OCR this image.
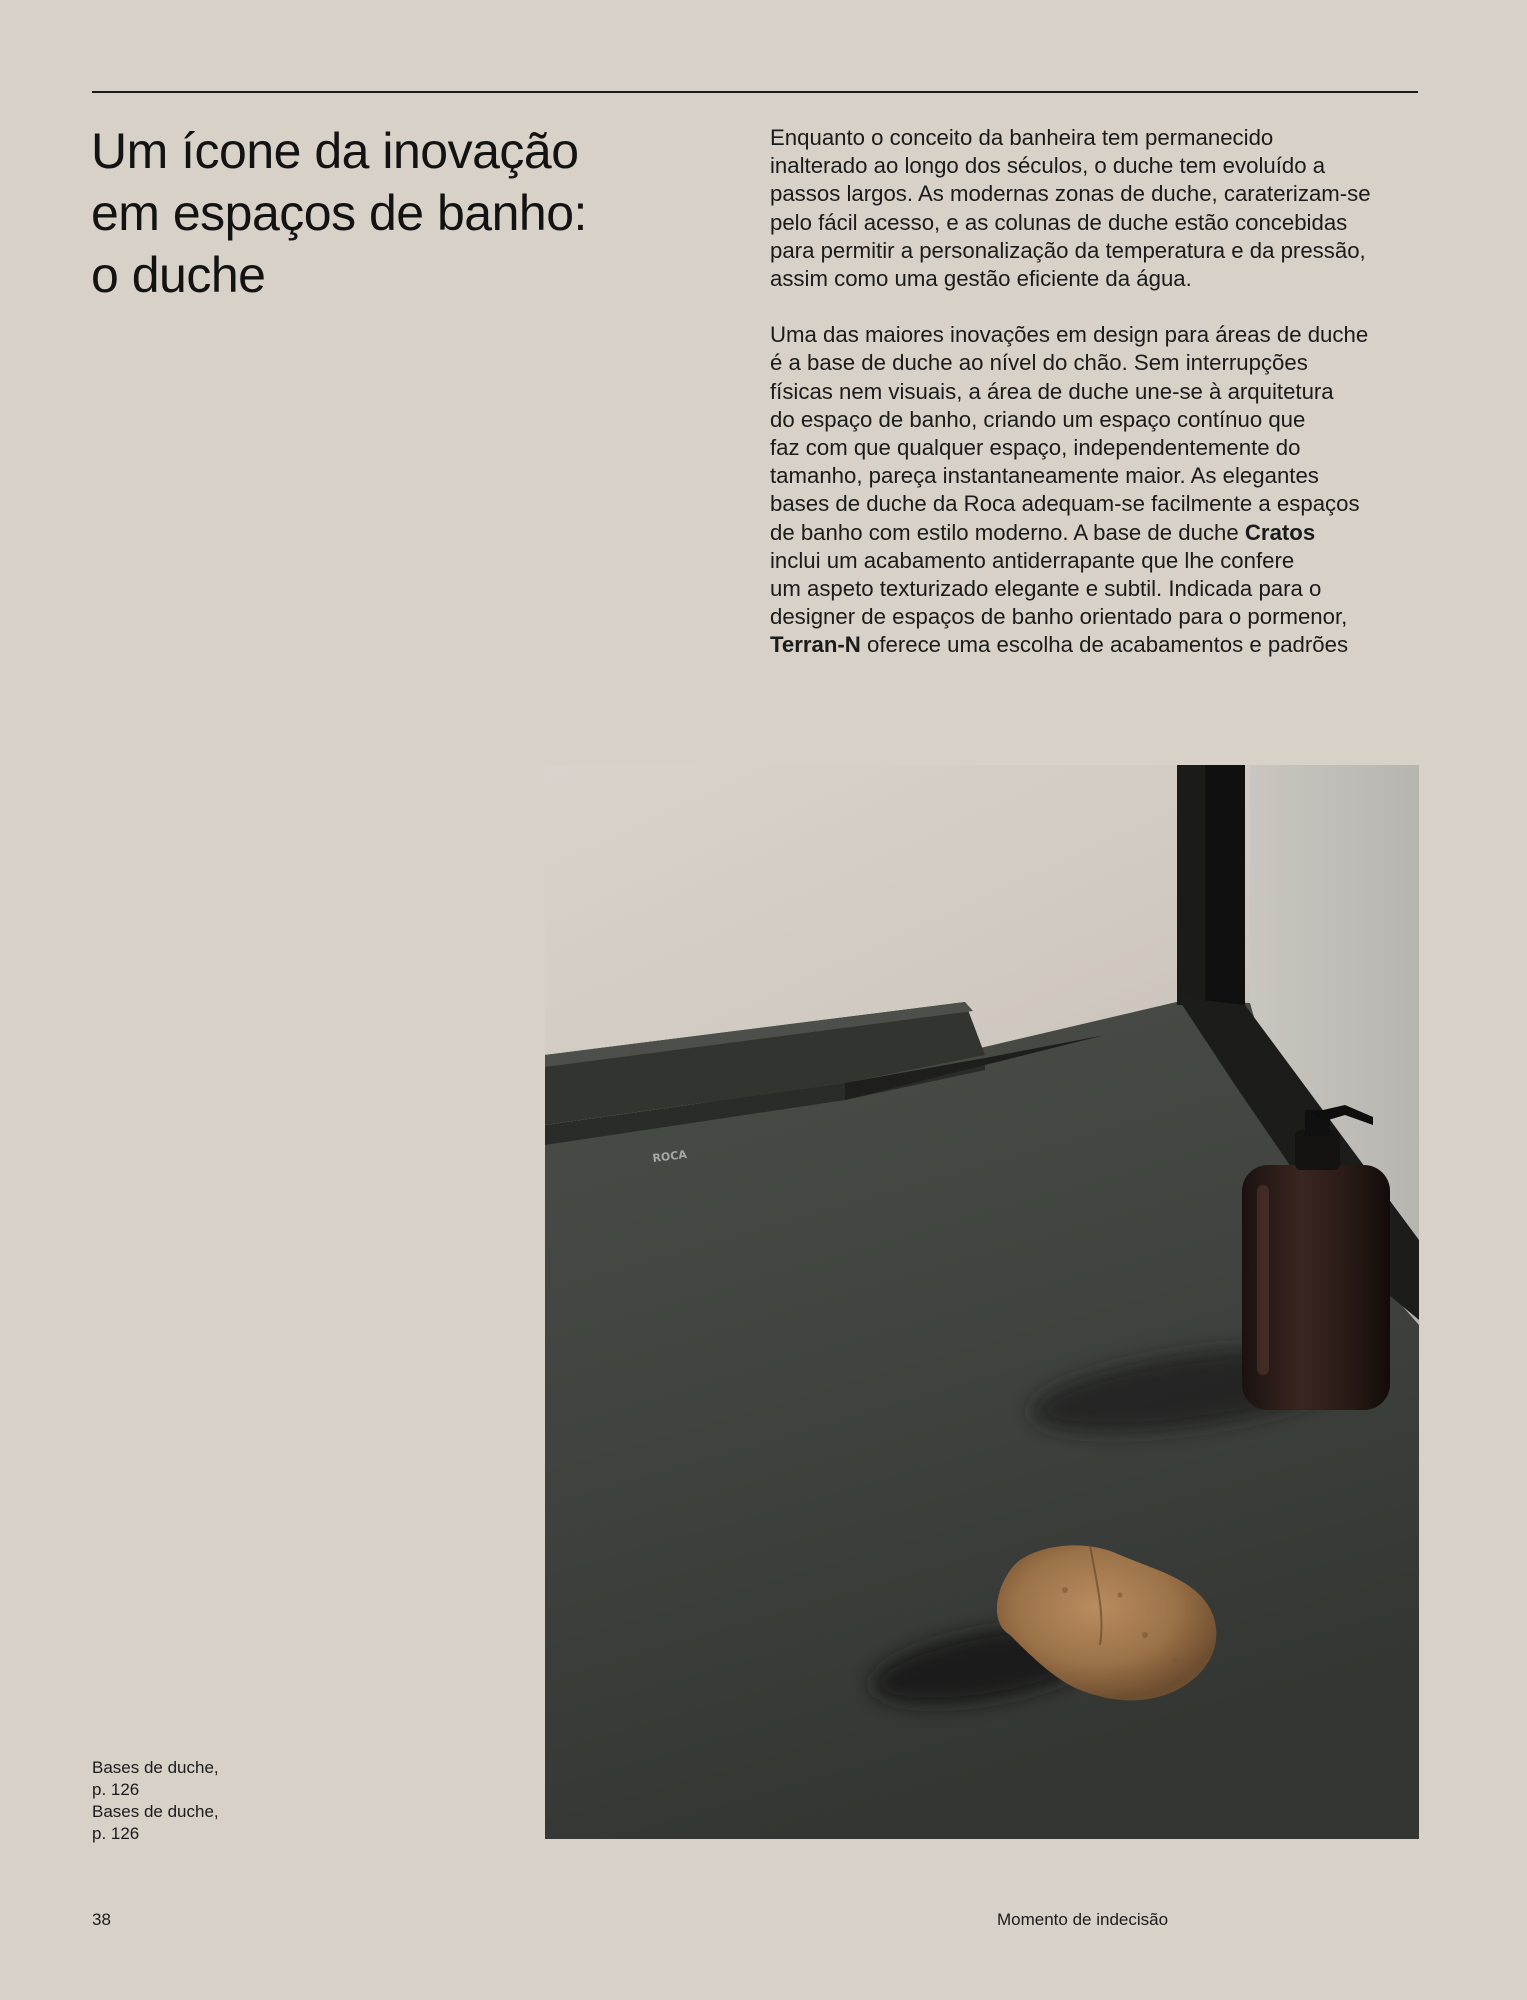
Um ícone da inovação
em espaços de banho:
o duche

Enquanto o conceito da banheira tem permanecido
inalterado ao longo dos séculos, o duche tem evoluído a
passos largos. As modernas zonas de duche, caraterizam-se
pelo fácil acesso, e as colunas de duche estão concebidas
para permitir a personalização da temperatura e da pressão,
assim como uma gestão eficiente da água.

Uma das maiores inovações em design para áreas de duche
é a base de duche ao nível do chão. Sem interrupções
físicas nem visuais, a área de duche une-se à arquitetura
do espaço de banho, criando um espaço contínuo que
faz com que qualquer espaço, independentemente do
tamanho, pareça instantaneamente maior. As elegantes
bases de duche da Roca adequam-se facilmente a espaços
de banho com estilo moderno. A base de duche Cratos
inclui um acabamento antiderrapante que lhe confere
um aspeto texturizado elegante e subtil. Indicada para o
designer de espaços de banho orientado para o pormenor,
Terran-N oferece uma escolha de acabamentos e padrões

ROCA
Bases de duche,
p. 126
Bases de duche,
p. 126
38	Momento de indecisão
